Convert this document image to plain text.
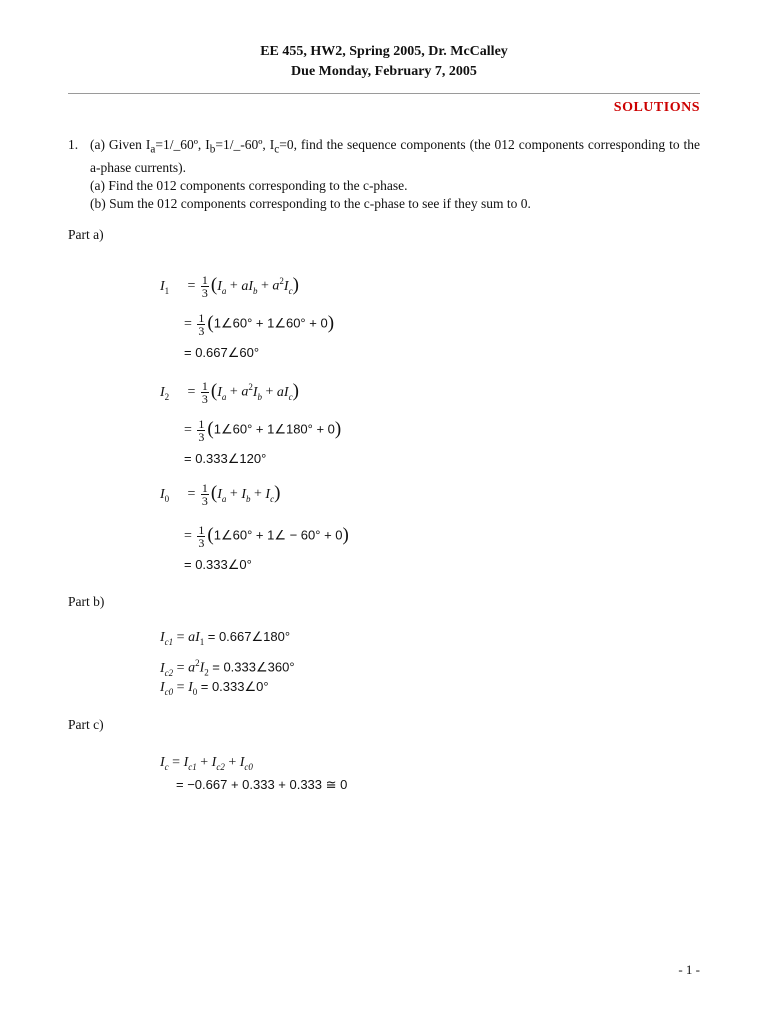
EE 455, HW2, Spring 2005, Dr. McCalley
Due Monday, February 7, 2005
SOLUTIONS
1. (a) Given $I_a=1/\_60º$, $I_b=1/\_-60º$, $I_c=0$, find the sequence components (the 012 components corresponding to the a-phase currents).
(a) Find the 012 components corresponding to the c-phase.
(b) Sum the 012 components corresponding to the c-phase to see if they sum to 0.
Part a)
$I_1 = \frac{1}{3} (I_a + aI_b + a^2I_c)$
= $\frac{1}{3}$ (1∠60° + 1∠60° + 0)
= 0.667∠60°
$I_2 = \frac{1}{3} (I_a + a^2I_b + aI_c)$
= $\frac{1}{3}$ (1∠60° + 1∠180° + 0)
= 0.333∠120°
$I_0 = \frac{1}{3} (I_a + I_b + I_c)$
= $\frac{1}{3}$ (1∠60° + 1∠ − 60° + 0)
= 0.333∠0°
Part b)
$I_{c1} = aI_1$ = 0.667∠180°
$I_{c2} = a^2I_2$ = 0.333∠360°
$I_{c0} = I_0$ = 0.333∠0°
Part c)
$I_c = I_{c1} + I_{c2} + I_{c0}$
= −0.667 + 0.333 + 0.333 ≅ 0
- 1 -
